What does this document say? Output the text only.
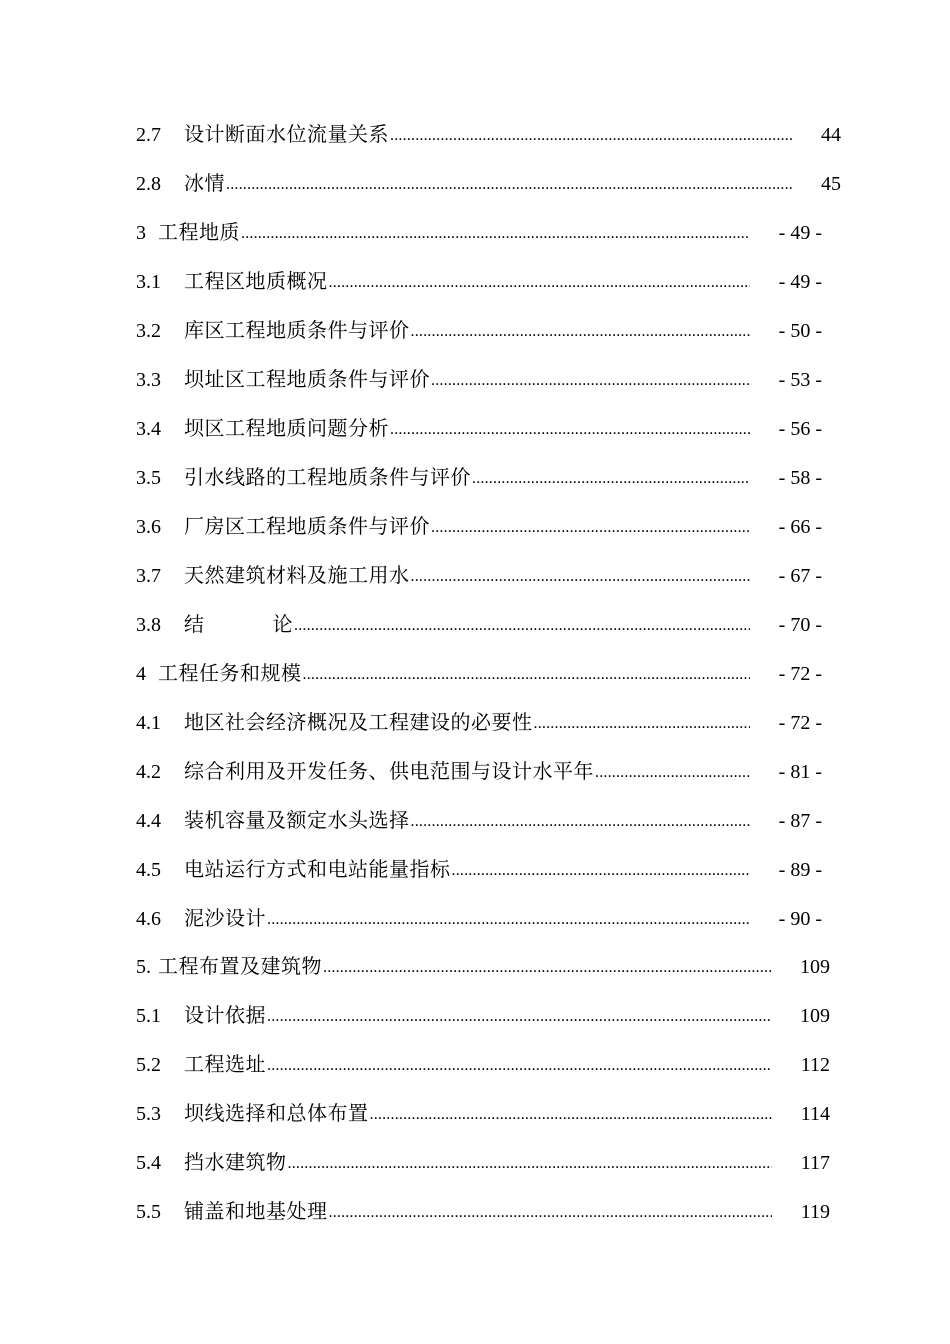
2.7	设计断面水位流量关系 .....	44
2.8	冰情 .....	45
3 工程地质 .....	- 49 -
3.1	工程区地质概况 .....	- 49 -
3.2	库区工程地质条件与评价 .....	- 50 -
3.3	坝址区工程地质条件与评价 .....	- 53 -
3.4	坝区工程地质问题分析 .....	- 56 -
3.5	引水线路的工程地质条件与评价 .....	- 58 -
3.6	厂房区工程地质条件与评价 .....	- 66 -
3.7	天然建筑材料及施工用水 .....	- 67 -
3.8	结	论 .....	- 70 -
4 工程任务和规模 .....	- 72 -
4.1	地区社会经济概况及工程建设的必要性 .....	- 72 -
4.2	综合利用及开发任务、供电范围与设计水平年 .....	- 81 -
4.4	装机容量及额定水头选择 .....	- 87 -
4.5	电站运行方式和电站能量指标 .....	- 89 -
4.6	泥沙设计 .....	- 90 -
5. 工程布置及建筑物 .....	109
5.1	设计依据 .....	109
5.2	工程选址 .....	112
5.3	坝线选择和总体布置 .....	114
5.4	挡水建筑物 .....	117
5.5	铺盖和地基处理 .....	119
